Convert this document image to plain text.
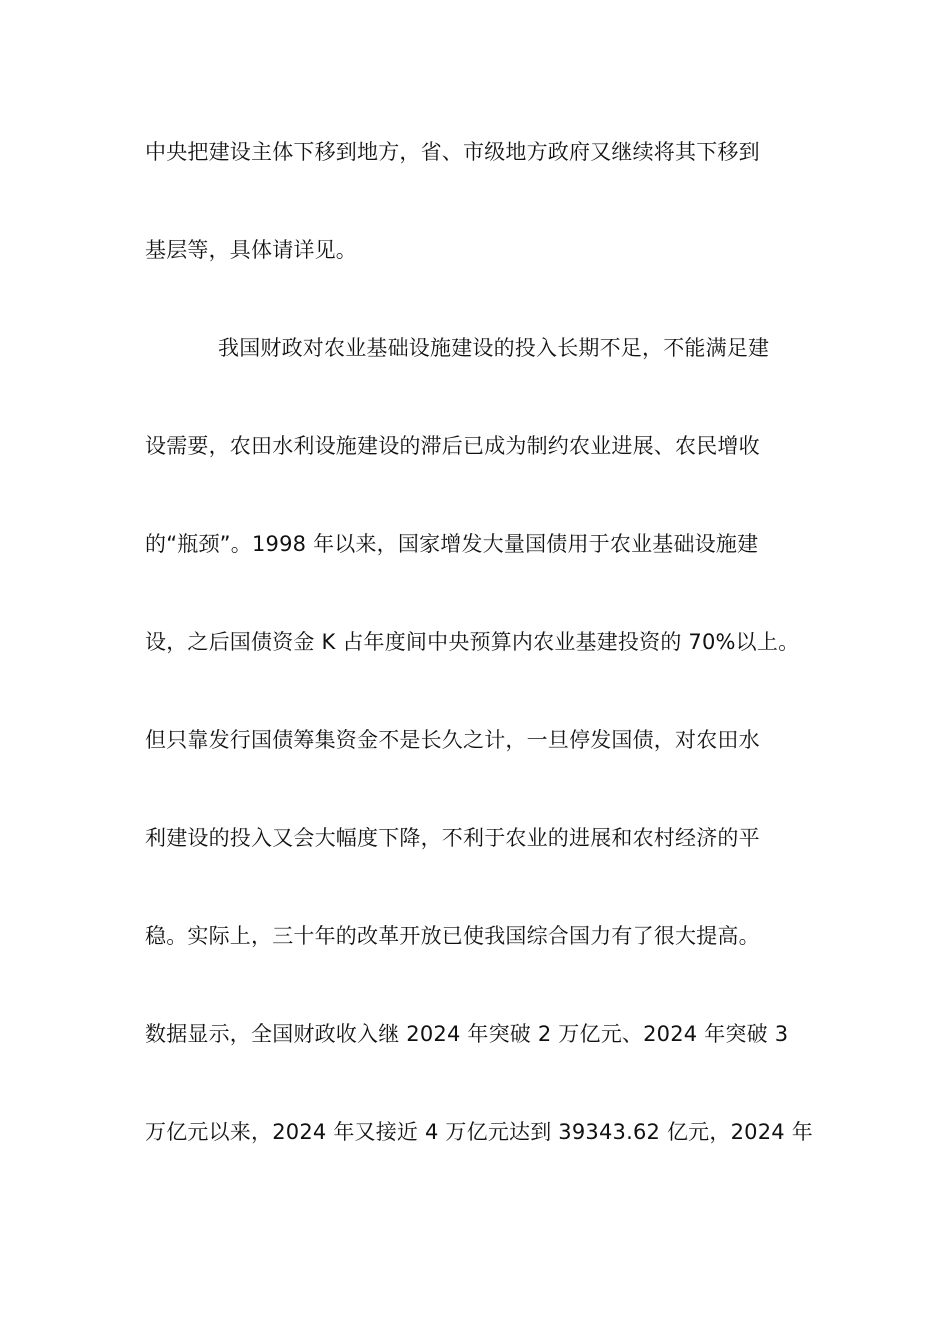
中央把建设主体下移到地方，省、市级地方政府又继续将其下移到
基层等，具体请详见。
我国财政对农业基础设施建设的投入长期不足，不能满足建
设需要，农田水利设施建设的滞后已成为制约农业进展、农民增收
的“瓶颈”。1998 年以来，国家增发大量国债用于农业基础设施建
设，之后国债资金 K 占年度间中央预算内农业基建投资的 70%以上。
但只靠发行国债筹集资金不是长久之计，一旦停发国债，对农田水
利建设的投入又会大幅度下降，不利于农业的进展和农村经济的平
稳。实际上，三十年的改革开放已使我国综合国力有了很大提高。
数据显示，全国财政收入继 2024 年突破 2 万亿元、2024 年突破 3
万亿元以来，2024 年又接近 4 万亿元达到 39343.62 亿元，2024 年
